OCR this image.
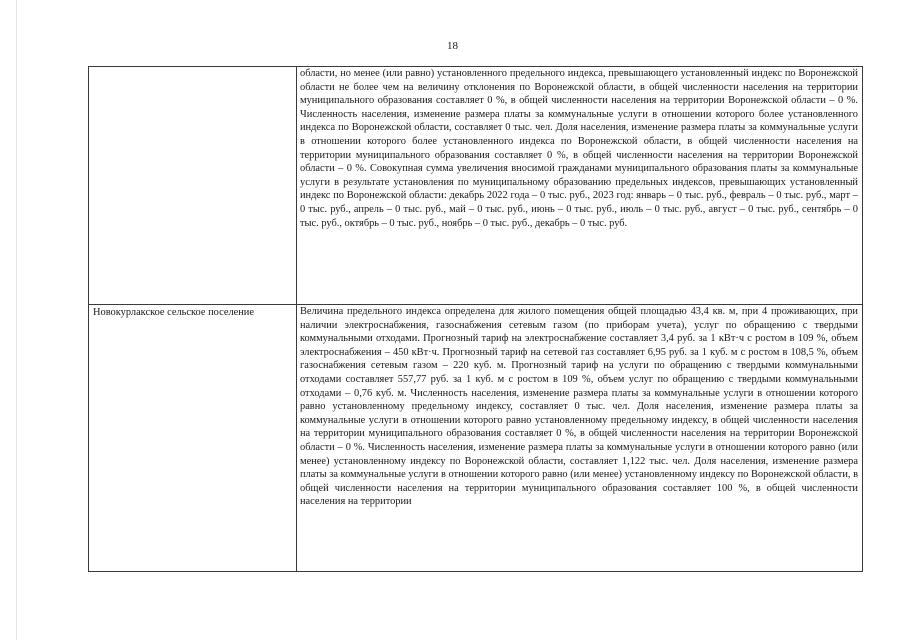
18

	области, но менее (или равно) установленного предельного индекса, превышающего установленный индекс по Воронежской области не более чем на величину отклонения по Воронежской области, в общей численности населения на территории муниципального образования составляет 0 %, в общей численности населения на территории Воронежской области – 0 %. Численность населения, изменение размера платы за коммунальные услуги в отношении которого более установленного индекса по Воронежской области, составляет 0 тыс. чел. Доля населения, изменение размера платы за коммунальные услуги в отношении которого более установленного индекса по Воронежской области, в общей численности населения на территории муниципального образования составляет 0 %, в общей численности населения на территории Воронежской области – 0 %. Совокупная сумма увеличения вносимой гражданами муниципального образования платы за коммунальные услуги в результате установления по муниципальному образованию предельных индексов, превышающих установленный индекс по Воронежской области: декабрь 2022 года – 0 тыс. руб., 2023 год: январь – 0 тыс. руб., февраль – 0 тыс. руб., март – 0 тыс. руб., апрель – 0 тыс. руб., май – 0 тыс. руб., июнь – 0 тыс. руб., июль – 0 тыс. руб., август – 0 тыс. руб., сентябрь – 0 тыс. руб., октябрь – 0 тыс. руб., ноябрь – 0 тыс. руб., декабрь – 0 тыс. руб.

Новокурлакское сельское поселение	Величина предельного индекса определена для жилого помещения общей площадью 43,4 кв. м, при 4 проживающих, при наличии электроснабжения, газоснабжения сетевым газом (по приборам учета), услуг по обращению с твердыми коммунальными отходами. Прогнозный тариф на электроснабжение составляет 3,4 руб. за 1 кВт·ч с ростом в 109 %, объем электроснабжения – 450 кВт·ч. Прогнозный тариф на сетевой газ составляет 6,95 руб. за 1 куб. м с ростом в 108,5 %, объем газоснабжения сетевым газом – 220 куб. м. Прогнозный тариф на услуги по обращению с твердыми коммунальными отходами составляет 557,77 руб. за 1 куб. м с ростом в 109 %, объем услуг по обращению с твердыми коммунальными отходами – 0,76 куб. м. Численность населения, изменение размера платы за коммунальные услуги в отношении которого равно установленному предельному индексу, составляет 0 тыс. чел. Доля населения, изменение размера платы за коммунальные услуги в отношении которого равно установленному предельному индексу, в общей численности населения на территории муниципального образования составляет 0 %, в общей численности населения на территории Воронежской области – 0 %. Численность населения, изменение размера платы за коммунальные услуги в отношении которого равно (или менее) установленному индексу по Воронежской области, составляет 1,122 тыс. чел. Доля населения, изменение размера платы за коммунальные услуги в отношении которого равно (или менее) установленному индексу по Воронежской области, в общей численности населения на территории муниципального образования составляет 100 %, в общей численности населения на территории
